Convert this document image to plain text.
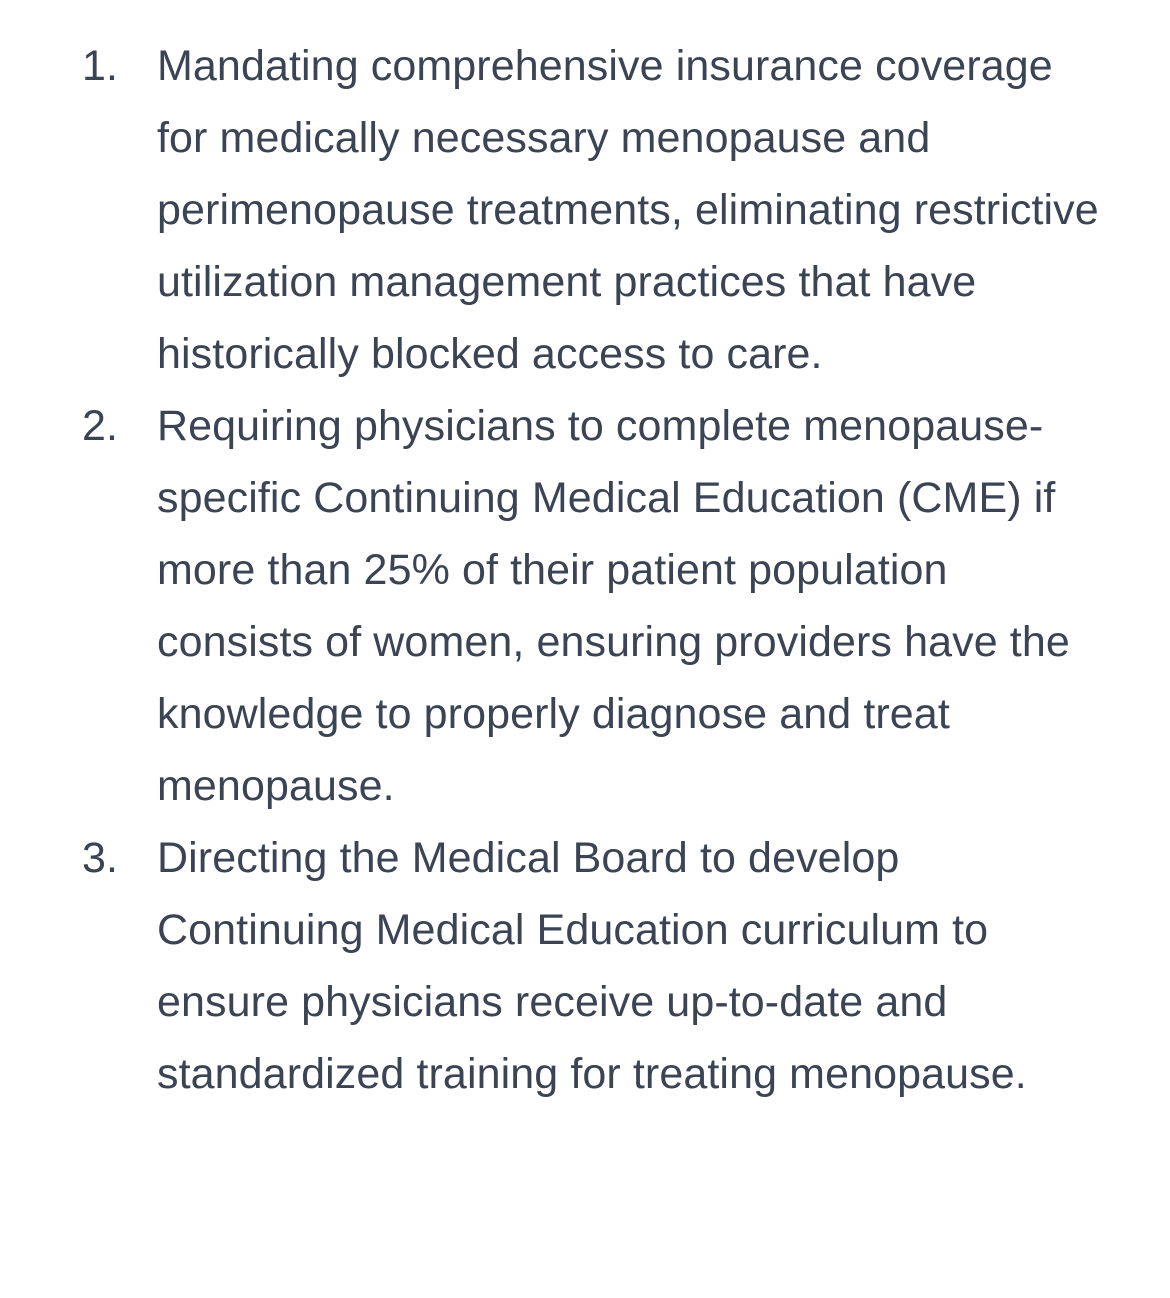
1. Mandating comprehensive insurance coverage for medically necessary menopause and perimenopause treatments, eliminating restrictive utilization management practices that have historically blocked access to care.
2. Requiring physicians to complete menopause-specific Continuing Medical Education (CME) if more than 25% of their patient population consists of women, ensuring providers have the knowledge to properly diagnose and treat menopause.
3. Directing the Medical Board to develop Continuing Medical Education curriculum to ensure physicians receive up-to-date and standardized training for treating menopause.
